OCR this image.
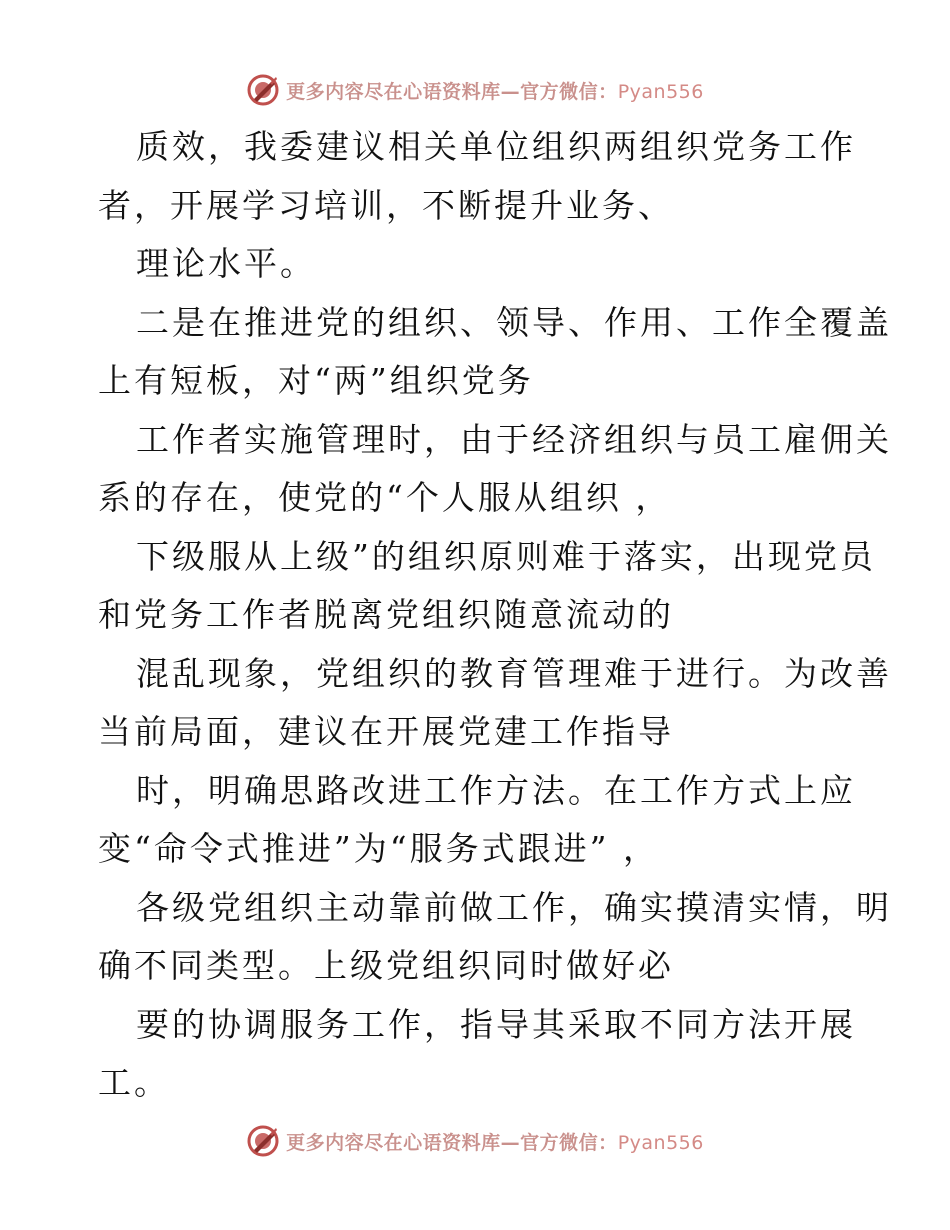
更多内容尽在心语资料库—官方微信：Pyan556
质效，我委建议相关单位组织两组织党务工作
者，开展学习培训，不断提升业务、
理论水平。
二是在推进党的组织、领导、作用、工作全覆盖
上有短板，对“两”组织党务
工作者实施管理时，由于经济组织与员工雇佣关
系的存在，使党的“个人服从组织 ，
下级服从上级”的组织原则难于落实，出现党员
和党务工作者脱离党组织随意流动的
混乱现象，党组织的教育管理难于进行。为改善
当前局面，建议在开展党建工作指导
时，明确思路改进工作方法。在工作方式上应
变“命令式推进”为“服务式跟进” ，
各级党组织主动靠前做工作，确实摸清实情，明
确不同类型。上级党组织同时做好必
要的协调服务工作，指导其采取不同方法开展
工。
更多内容尽在心语资料库—官方微信：Pyan556
